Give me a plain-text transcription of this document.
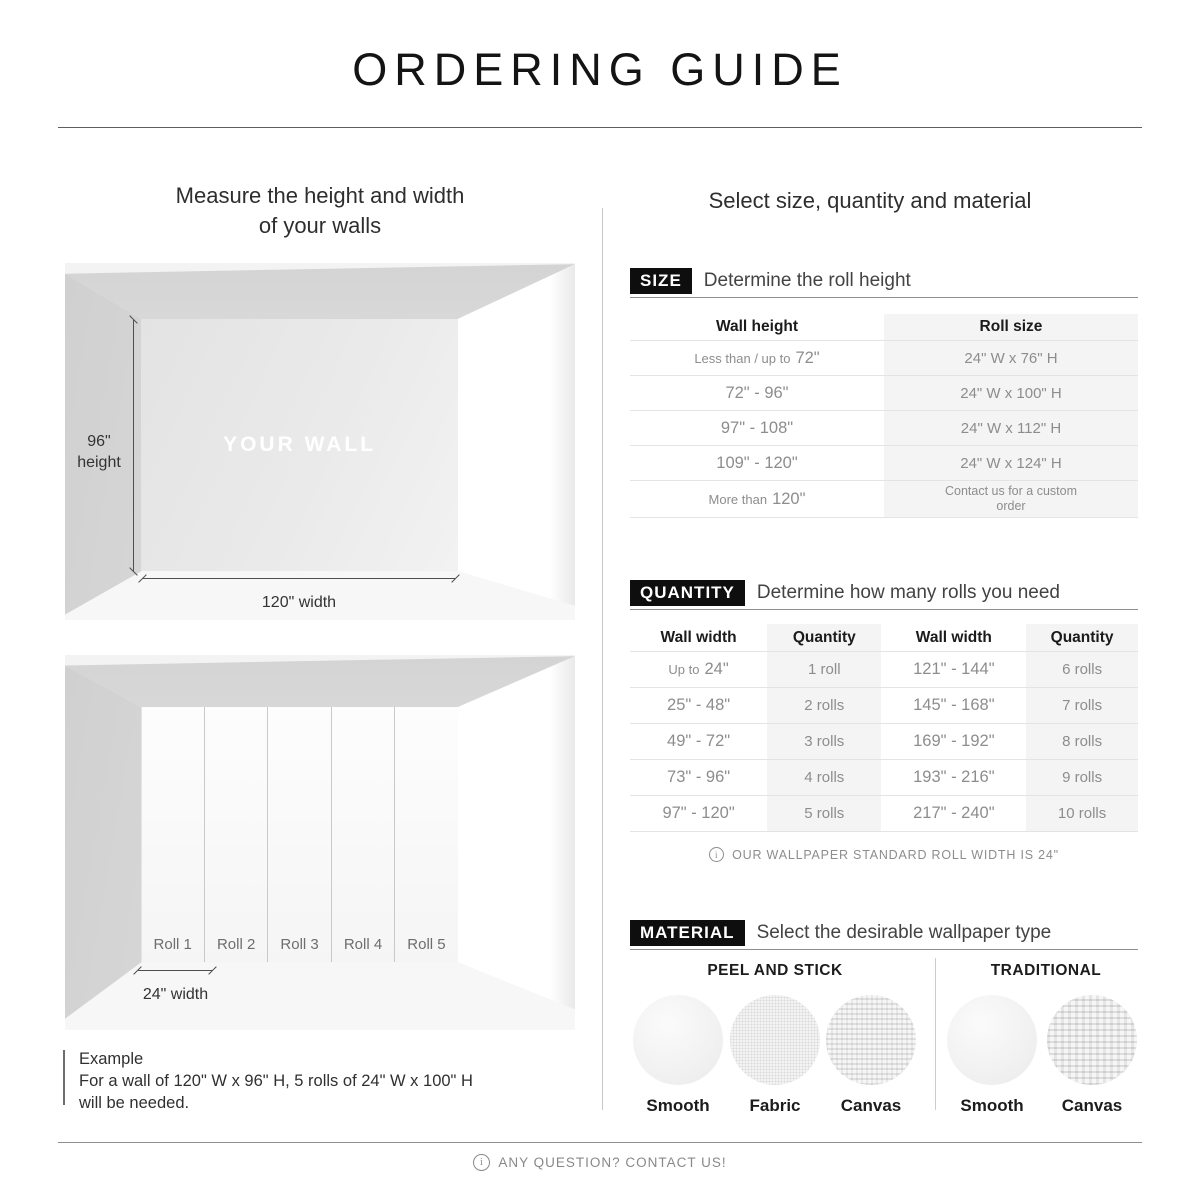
ORDERING GUIDE
Measure the height and width
of your walls
YOUR WALL
96"
height
120" width
Roll 1 Roll 2 Roll 3 Roll 4 Roll 5
24" width
Example
For a wall of 120" W x 96" H, 5 rolls of 24" W x 100" H
will be needed.
Select size, quantity and material
SIZE	Determine the roll height
Wall height	Roll size
Less than / up to 72"	24" W x 76" H
72" - 96"	24" W x 100" H
97" - 108"	24" W x 112" H
109" - 120"	24" W x 124" H
More than 120"	Contact us for a custom order
QUANTITY	Determine how many rolls you need
Wall width	Quantity	Wall width	Quantity
Up to 24"	1 roll	121" - 144"	6 rolls
25" - 48"	2 rolls	145" - 168"	7 rolls
49" - 72"	3 rolls	169" - 192"	8 rolls
73" - 96"	4 rolls	193" - 216"	9 rolls
97" - 120"	5 rolls	217" - 240"	10 rolls
i
OUR WALLPAPER STANDARD ROLL WIDTH IS 24"
MATERIAL	Select the desirable wallpaper type
PEEL AND STICK	TRADITIONAL
Smooth	Fabric	Canvas	Smooth	Canvas
i
ANY QUESTION? CONTACT US!
